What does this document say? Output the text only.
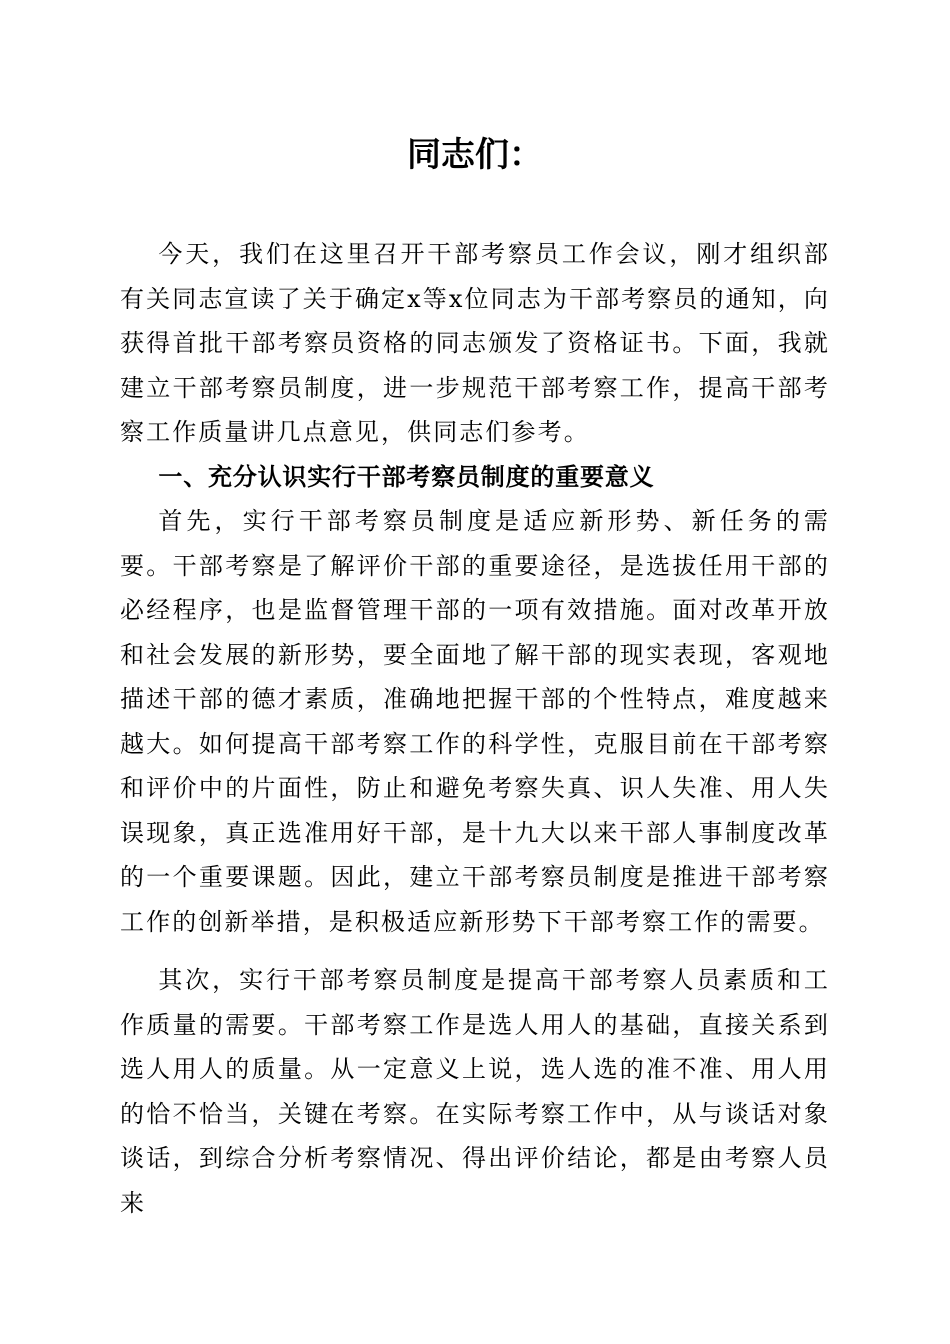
同志们：

今天，我们在这里召开干部考察员工作会议，刚才组织部有关同志宣读了关于确定x等x位同志为干部考察员的通知，向获得首批干部考察员资格的同志颁发了资格证书。下面，我就建立干部考察员制度，进一步规范干部考察工作，提高干部考察工作质量讲几点意见，供同志们参考。

一、充分认识实行干部考察员制度的重要意义

首先，实行干部考察员制度是适应新形势、新任务的需要。干部考察是了解评价干部的重要途径，是选拔任用干部的必经程序，也是监督管理干部的一项有效措施。面对改革开放和社会发展的新形势，要全面地了解干部的现实表现，客观地描述干部的德才素质，准确地把握干部的个性特点，难度越来越大。如何提高干部考察工作的科学性，克服目前在干部考察和评价中的片面性，防止和避免考察失真、识人失准、用人失误现象，真正选准用好干部，是十九大以来干部人事制度改革的一个重要课题。因此，建立干部考察员制度是推进干部考察工作的创新举措，是积极适应新形势下干部考察工作的需要。

其次，实行干部考察员制度是提高干部考察人员素质和工作质量的需要。干部考察工作是选人用人的基础，直接关系到选人用人的质量。从一定意义上说，选人选的准不准、用人用的恰不恰当，关键在考察。在实际考察工作中，从与谈话对象谈话，到综合分析考察情况、得出评价结论，都是由考察人员来
